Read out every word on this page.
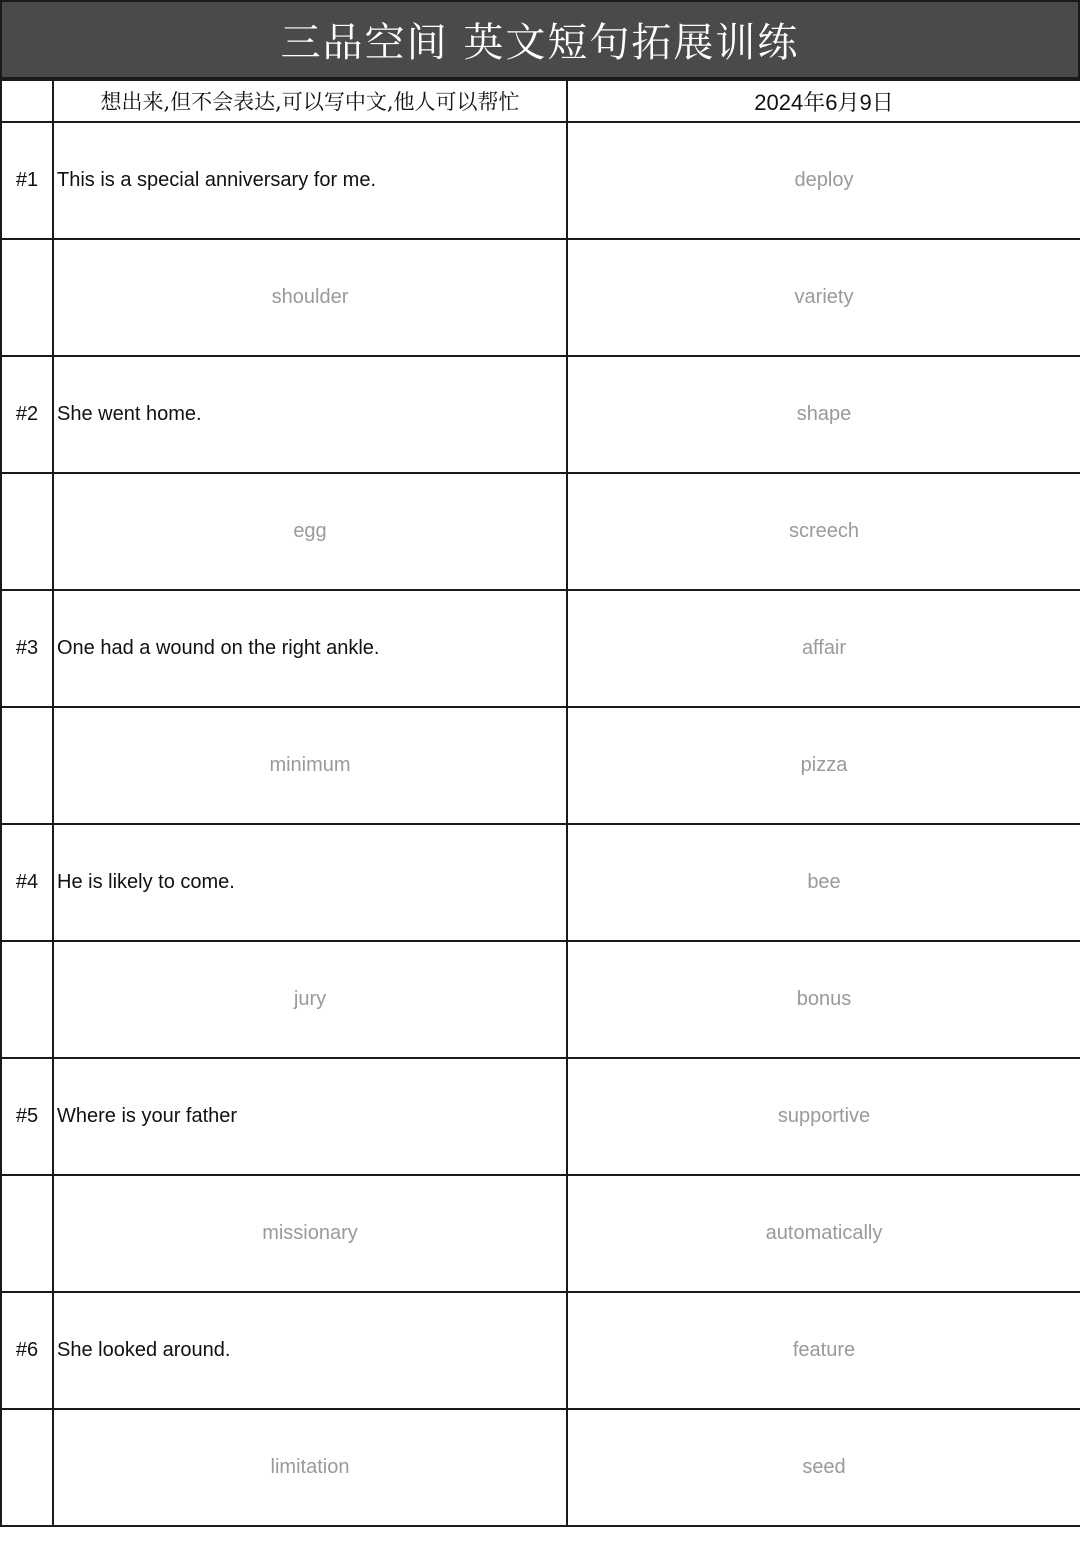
三品空间 英文短句拓展训练
	想出来,但不会表达,可以写中文,他人可以帮忙	2024年6月9日
#1	This is a special anniversary for me.	deploy
	shoulder	variety
#2	She went home.	shape
	egg	screech
#3	One had a wound on the right ankle.	affair
	minimum	pizza
#4	He is likely to come.	bee
	jury	bonus
#5	Where is your father	supportive
	missionary	automatically
#6	She looked around.	feature
	limitation	seed
